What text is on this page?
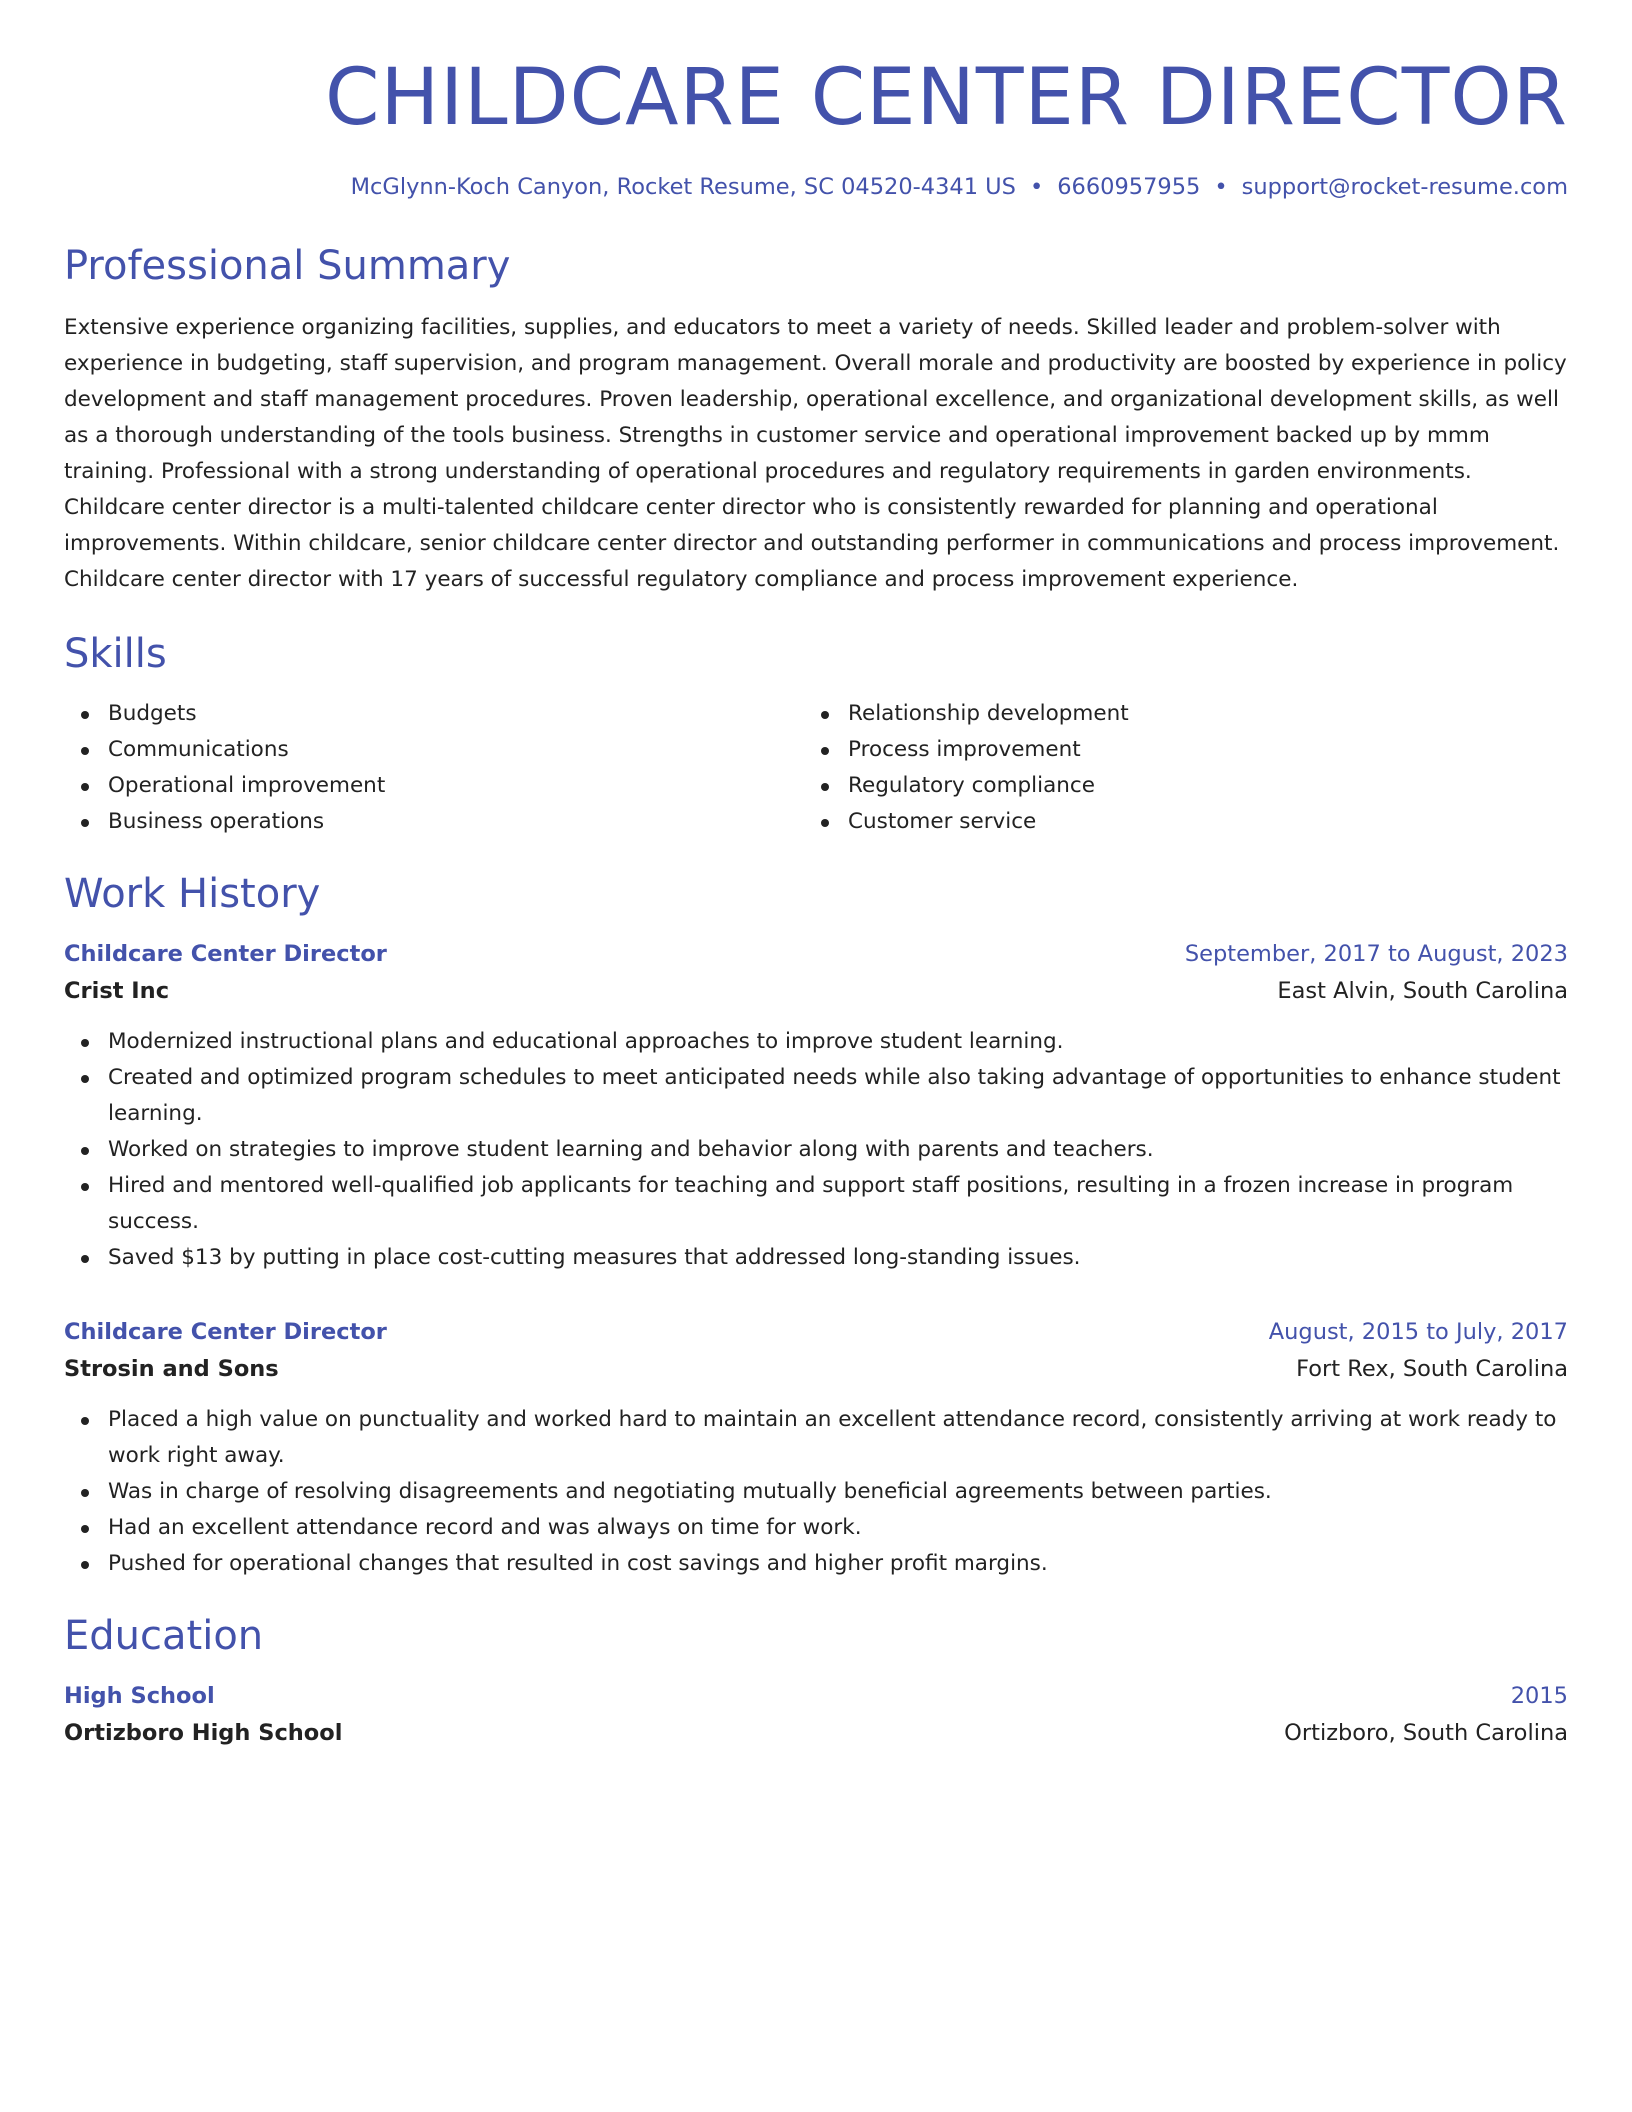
CHILDCARE CENTER DIRECTOR
McGlynn-Koch Canyon, Rocket Resume, SC 04520-4341 US • 6660957955 • support@rocket-resume.com
Professional Summary
Extensive experience organizing facilities, supplies, and educators to meet a variety of needs. Skilled leader and problem-solver with experience in budgeting, staff supervision, and program management. Overall morale and productivity are boosted by experience in policy development and staff management procedures. Proven leadership, operational excellence, and organizational development skills, as well as a thorough understanding of the tools business. Strengths in customer service and operational improvement backed up by mmm training. Professional with a strong understanding of operational procedures and regulatory requirements in garden environments. Childcare center director is a multi-talented childcare center director who is consistently rewarded for planning and operational improvements. Within childcare, senior childcare center director and outstanding performer in communications and process improvement. Childcare center director with 17 years of successful regulatory compliance and process improvement experience.
Skills
Budgets
Communications
Operational improvement
Business operations
Relationship development
Process improvement
Regulatory compliance
Customer service
Work History
Childcare Center Director	September, 2017 to August, 2023
Crist Inc	East Alvin, South Carolina
Modernized instructional plans and educational approaches to improve student learning.
Created and optimized program schedules to meet anticipated needs while also taking advantage of opportunities to enhance student learning.
Worked on strategies to improve student learning and behavior along with parents and teachers.
Hired and mentored well-qualified job applicants for teaching and support staff positions, resulting in a frozen increase in program success.
Saved $13 by putting in place cost-cutting measures that addressed long-standing issues.
Childcare Center Director	August, 2015 to July, 2017
Strosin and Sons	Fort Rex, South Carolina
Placed a high value on punctuality and worked hard to maintain an excellent attendance record, consistently arriving at work ready to work right away.
Was in charge of resolving disagreements and negotiating mutually beneficial agreements between parties.
Had an excellent attendance record and was always on time for work.
Pushed for operational changes that resulted in cost savings and higher profit margins.
Education
High School	2015
Ortizboro High School	Ortizboro, South Carolina
